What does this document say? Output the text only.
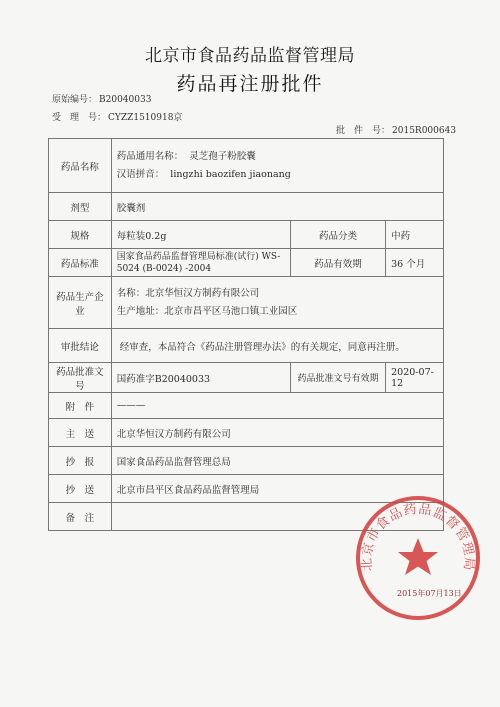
北京市食品药品监督管理局
药品再注册批件
原始编号： B20040033
受　理　号： CYZZ1510918京
批　件　号： 2015R000643
药品名称	药品通用名称： 灵芝孢子粉胶囊
汉语拼音： lingzhi baozifen jiaonang		

剂型	胶囊剂		
规格	每粒装0.2g	药品分类	中药
药品标准	国家食品药品监督管理局标准(试行) WS-
5024 (B-0024) -2004	药品有效期	36 个月
药品生产企业	名称：北京华恒汉方制药有限公司
生产地址：北京市昌平区马池口镇工业园区		

审批结论	经审查，本品符合《药品注册管理办法》的有关规定，同意再注册。		
药品批准文号	国药准字B20040033	药品批准文号有效期	2020-07-12
附　件	———		
主　送	北京华恒汉方制药有限公司		
抄　报	国家食品药品监督管理总局		
抄　送	北京市昌平区食品药品监督管理局		
备　注			
北京市食品药品监督管理局
2015年07月13日
